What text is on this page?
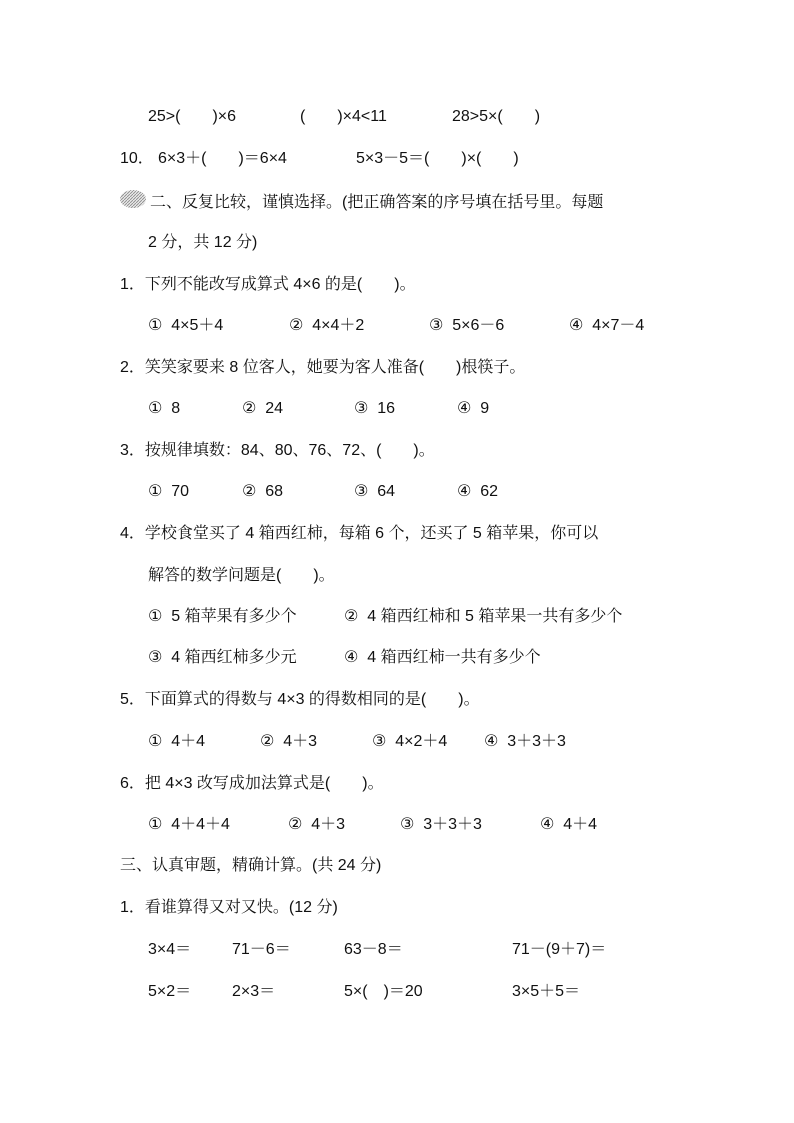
25>(　　)×6	(　　)×4<11	28>5×(　　)
10． 6×3＋(　　)＝6×4	5×3－5＝(　　)×(　　)
二、反复比较，谨慎选择。(把正确答案的序号填在括号里。每题
2 分，共 12 分)
1．下列不能改写成算式 4×6 的是(　　)。
①  4×5＋4	②  4×4＋2	③  5×6－6	④  4×7－4
2．笑笑家要来 8 位客人，她要为客人准备(　　)根筷子。
①  8	②  24	③  16	④  9
3．按规律填数：84、80、76、72、(　　)。
①  70	②  68	③  64	④  62
4．学校食堂买了 4 箱西红柿，每箱 6 个，还买了 5 箱苹果，你可以
解答的数学问题是(　　)。
①  5 箱苹果有多少个	②  4 箱西红柿和 5 箱苹果一共有多少个
③  4 箱西红柿多少元	④  4 箱西红柿一共有多少个
5．下面算式的得数与 4×3 的得数相同的是(　　)。
①  4＋4	②  4＋3	③  4×2＋4 ④  3＋3＋3
6．把 4×3 改写成加法算式是(　　)。
①  4＋4＋4	②  4＋3	③  3＋3＋3	④  4＋4
三、认真审题，精确计算。(共 24 分)
1．看谁算得又对又快。(12 分)
3×4＝	71－6＝	63－8＝	71－(9＋7)＝
5×2＝	2×3＝	5×(　)＝20	3×5＋5＝
